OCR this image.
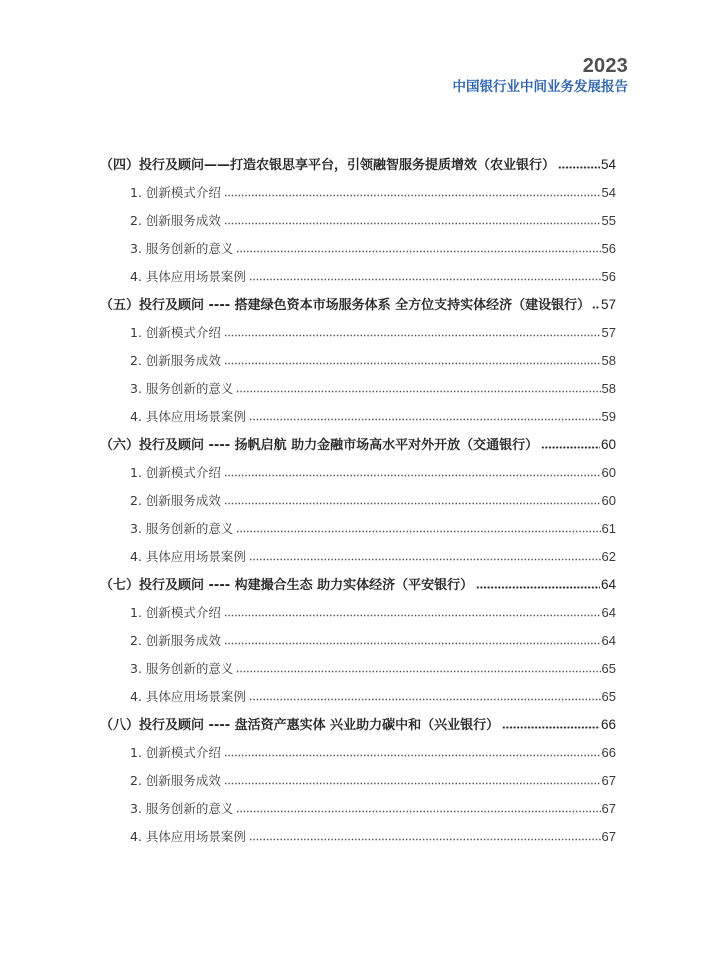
2023
中国银行业中间业务发展报告
（四）投行及顾问——打造农银思享平台，引领融智服务提质增效（农业银行）	54
1. 创新模式介绍	54
2. 创新服务成效	55
3. 服务创新的意义	56
4. 具体应用场景案例	56
（五）投行及顾问 ---- 搭建绿色资本市场服务体系 全方位支持实体经济（建设银行） 57
1. 创新模式介绍	57
2. 创新服务成效	58
3. 服务创新的意义	58
4. 具体应用场景案例	59
（六）投行及顾问 ---- 扬帆启航 助力金融市场高水平对外开放（交通银行）	60
1. 创新模式介绍	60
2. 创新服务成效	60
3. 服务创新的意义	61
4. 具体应用场景案例	62
（七）投行及顾问 ---- 构建撮合生态 助力实体经济（平安银行）	64
1. 创新模式介绍	64
2. 创新服务成效	64
3. 服务创新的意义	65
4. 具体应用场景案例	65
（八）投行及顾问 ---- 盘活资产惠实体 兴业助力碳中和（兴业银行）	66
1. 创新模式介绍	66
2. 创新服务成效	67
3. 服务创新的意义	67
4. 具体应用场景案例	67
